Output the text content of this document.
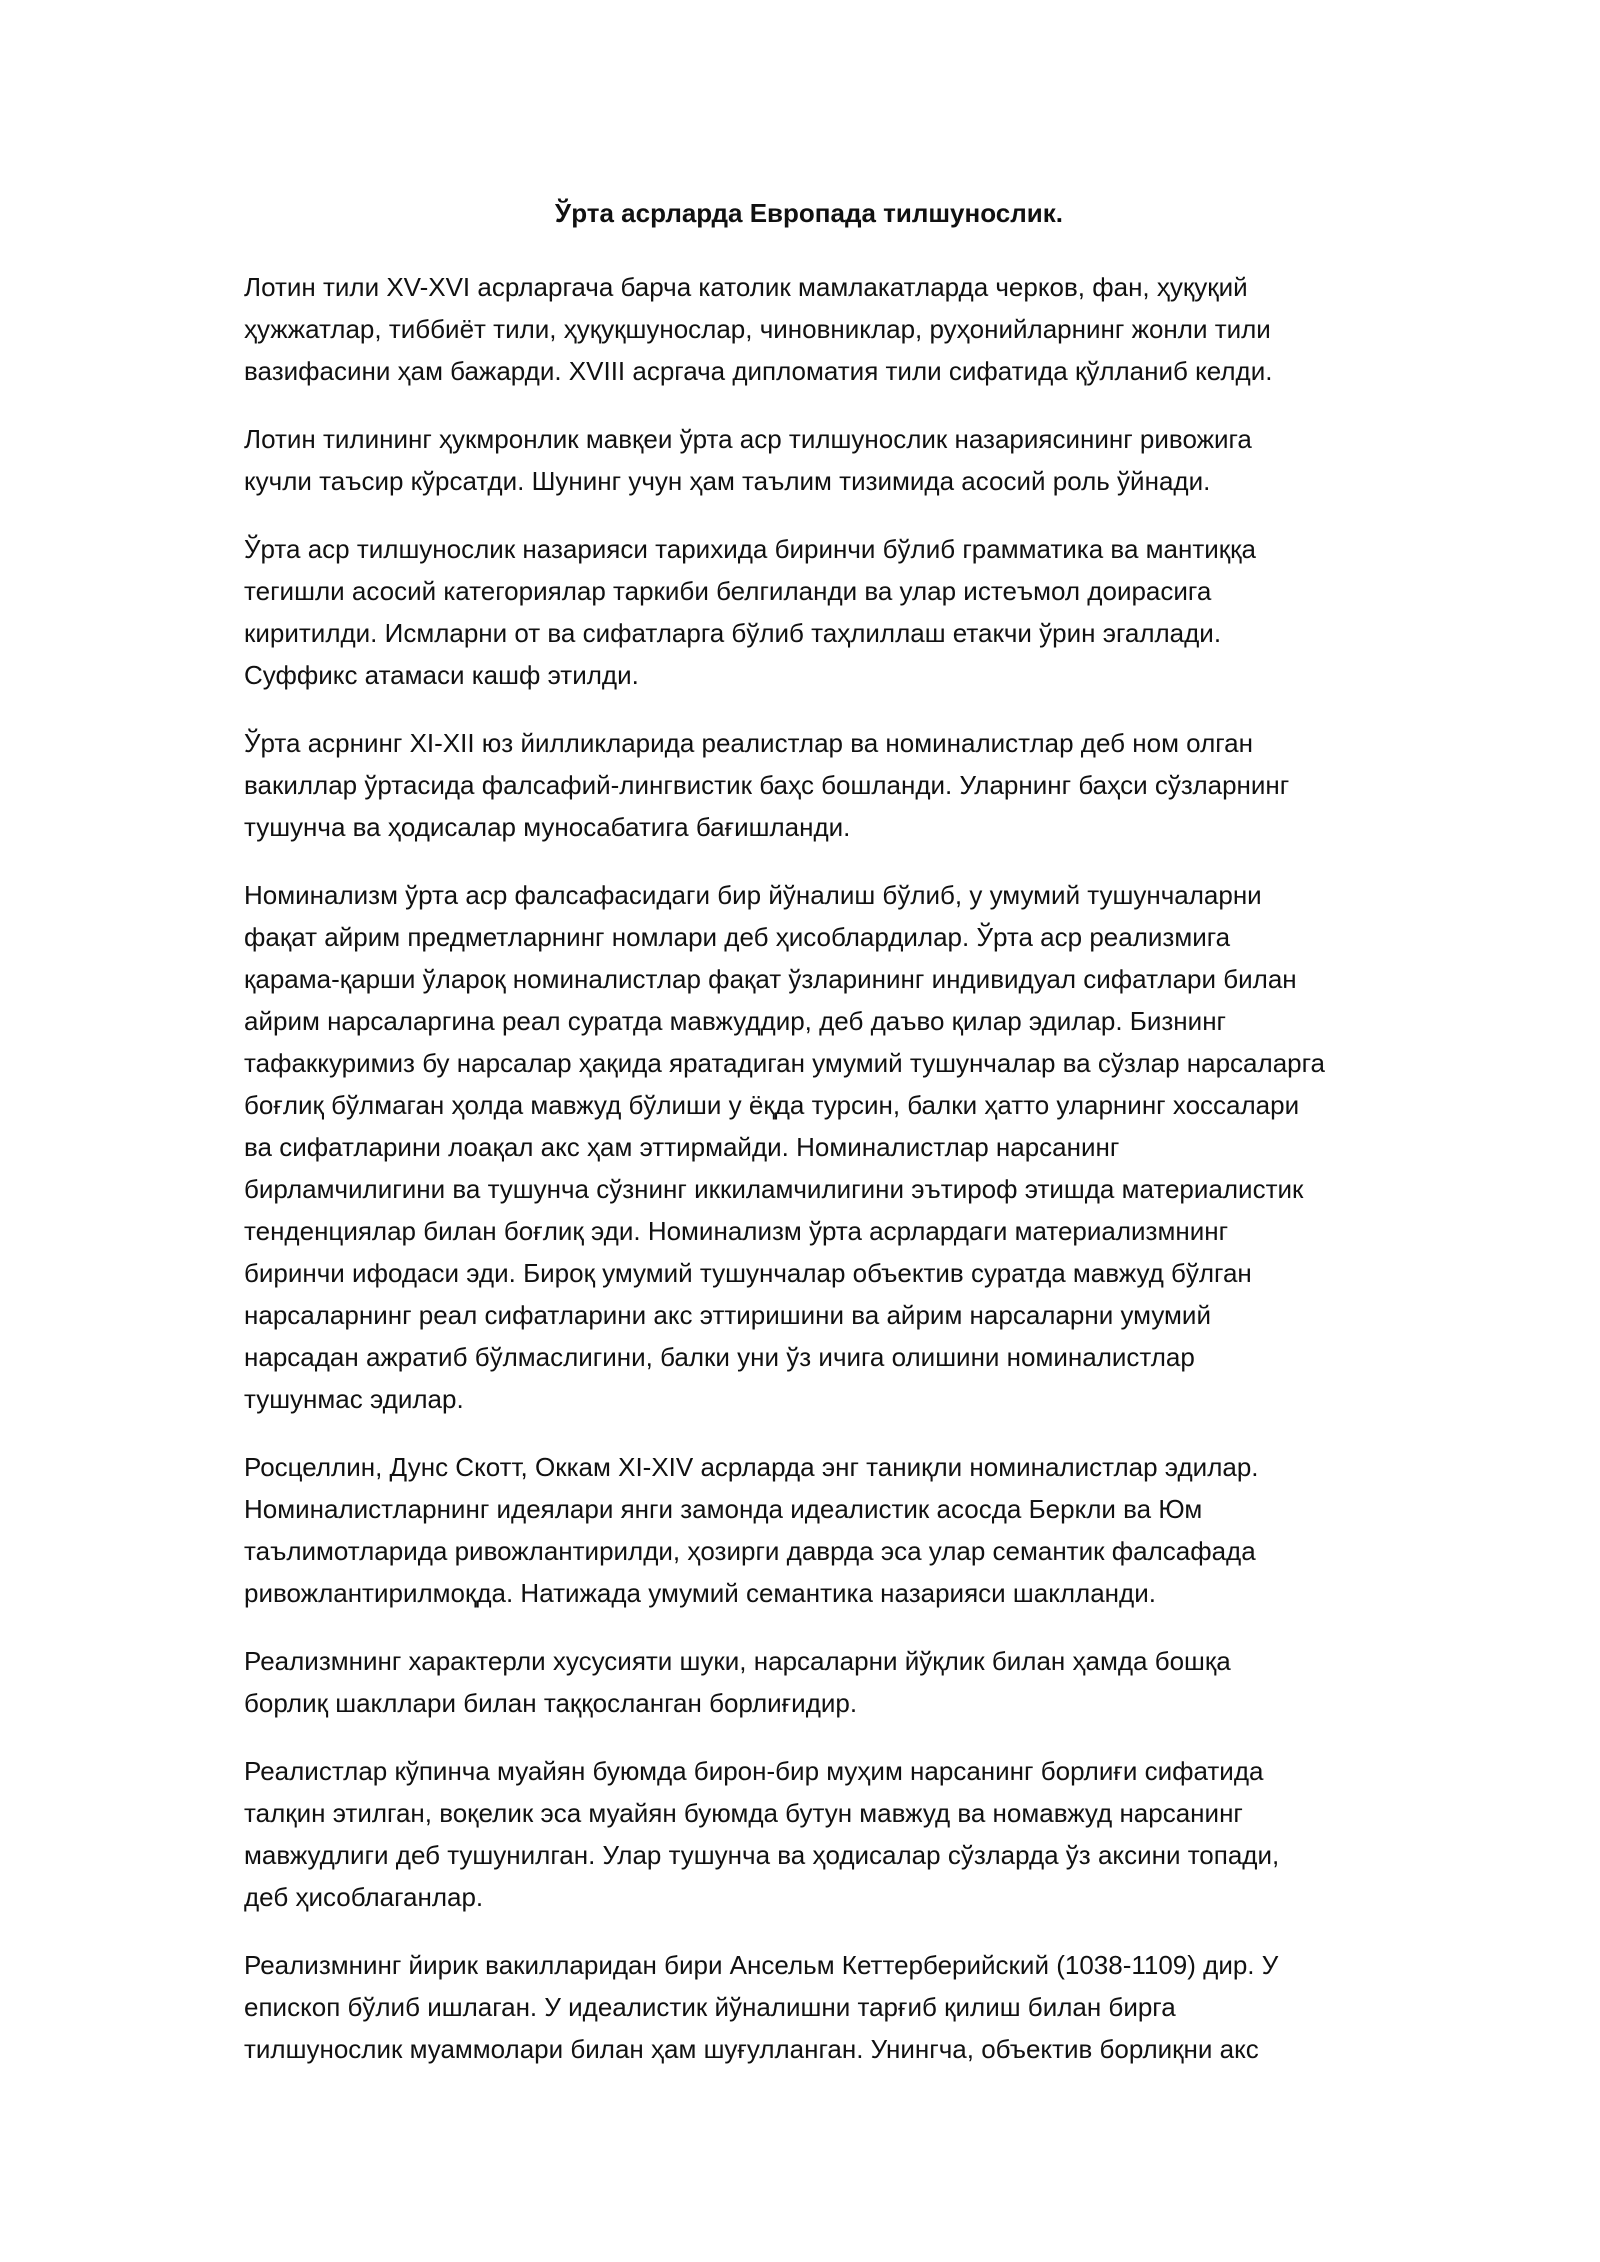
Ўрта асрларда Европада тилшунослик.

Лотин тили XV-XVI асрларгача барча католик мамлакатларда черков, фан, ҳуқуқий
ҳужжатлар, тиббиёт тили, ҳуқуқшунослар, чиновниклар, руҳонийларнинг жонли тили
вазифасини ҳам бажарди. XVIII асргача дипломатия тили сифатида қўлланиб келди.

Лотин тилининг ҳукмронлик мавқеи ўрта аср тилшунослик назариясининг ривожига
кучли таъсир кўрсатди. Шунинг учун ҳам таълим тизимида асосий роль ўйнади.

Ўрта аср тилшунослик назарияси тарихида биринчи бўлиб грамматика ва мантиққа
тегишли асосий категориялар таркиби белгиланди ва улар истеъмол доирасига
киритилди. Исмларни от ва сифатларга бўлиб таҳлиллаш етакчи ўрин эгаллади.
Суффикс атамаси кашф этилди.

Ўрта асрнинг XI-XII юз йилликларида реалистлар ва номиналистлар деб ном олган
вакиллар ўртасида фалсафий-лингвистик баҳс бошланди. Уларнинг баҳси сўзларнинг
тушунча ва ҳодисалар муносабатига бағишланди.

Номинализм ўрта аср фалсафасидаги бир йўналиш бўлиб, у умумий тушунчаларни
фақат айрим предметларнинг номлари деб ҳисоблардилар. Ўрта аср реализмига
қарама-қарши ўлароқ номиналистлар фақат ўзларининг индивидуал сифатлари билан
айрим нарсаларгина реал суратда мавжуддир, деб даъво қилар эдилар. Бизнинг
тафаккуримиз бу нарсалар ҳақида яратадиган умумий тушунчалар ва сўзлар нарсаларга
боғлиқ бўлмаган ҳолда мавжуд бўлиши у ёқда турсин, балки ҳатто уларнинг хоссалари
ва сифатларини лоақал акс ҳам эттирмайди. Номиналистлар нарсанинг
бирламчилигини ва тушунча сўзнинг иккиламчилигини эътироф этишда материалистик
тенденциялар билан боғлиқ эди. Номинализм ўрта асрлардаги материализмнинг
биринчи ифодаси эди. Бироқ умумий тушунчалар объектив суратда мавжуд бўлган
нарсаларнинг реал сифатларини акс эттиришини ва айрим нарсаларни умумий
нарсадан ажратиб бўлмаслигини, балки уни ўз ичига олишини номиналистлар
тушунмас эдилар.

Росцеллин, Дунс Скотт, Оккам XI-XIV асрларда энг таниқли номиналистлар эдилар.
Номиналистларнинг идеялари янги замонда идеалистик асосда Беркли ва Юм
таълимотларида ривожлантирилди, ҳозирги даврда эса улар семантик фалсафада
ривожлантирилмоқда. Натижада умумий семантика назарияси шаклланди.

Реализмнинг характерли хусусияти шуки, нарсаларни йўқлик билан ҳамда бошқа
борлиқ шакллари билан таққосланган борлиғидир.

Реалистлар кўпинча муайян буюмда бирон-бир муҳим нарсанинг борлиғи сифатида
талқин этилган, воқелик эса муайян буюмда бутун мавжуд ва номавжуд нарсанинг
мавжудлиги деб тушунилган. Улар тушунча ва ҳодисалар сўзларда ўз аксини топади,
деб ҳисоблаганлар.

Реализмнинг йирик вакилларидан бири Ансельм Кеттерберийский (1038-1109) дир. У
епископ бўлиб ишлаган. У идеалистик йўналишни тарғиб қилиш билан бирга
тилшунослик муаммолари билан ҳам шуғулланган. Унингча, объектив борлиқни акс
